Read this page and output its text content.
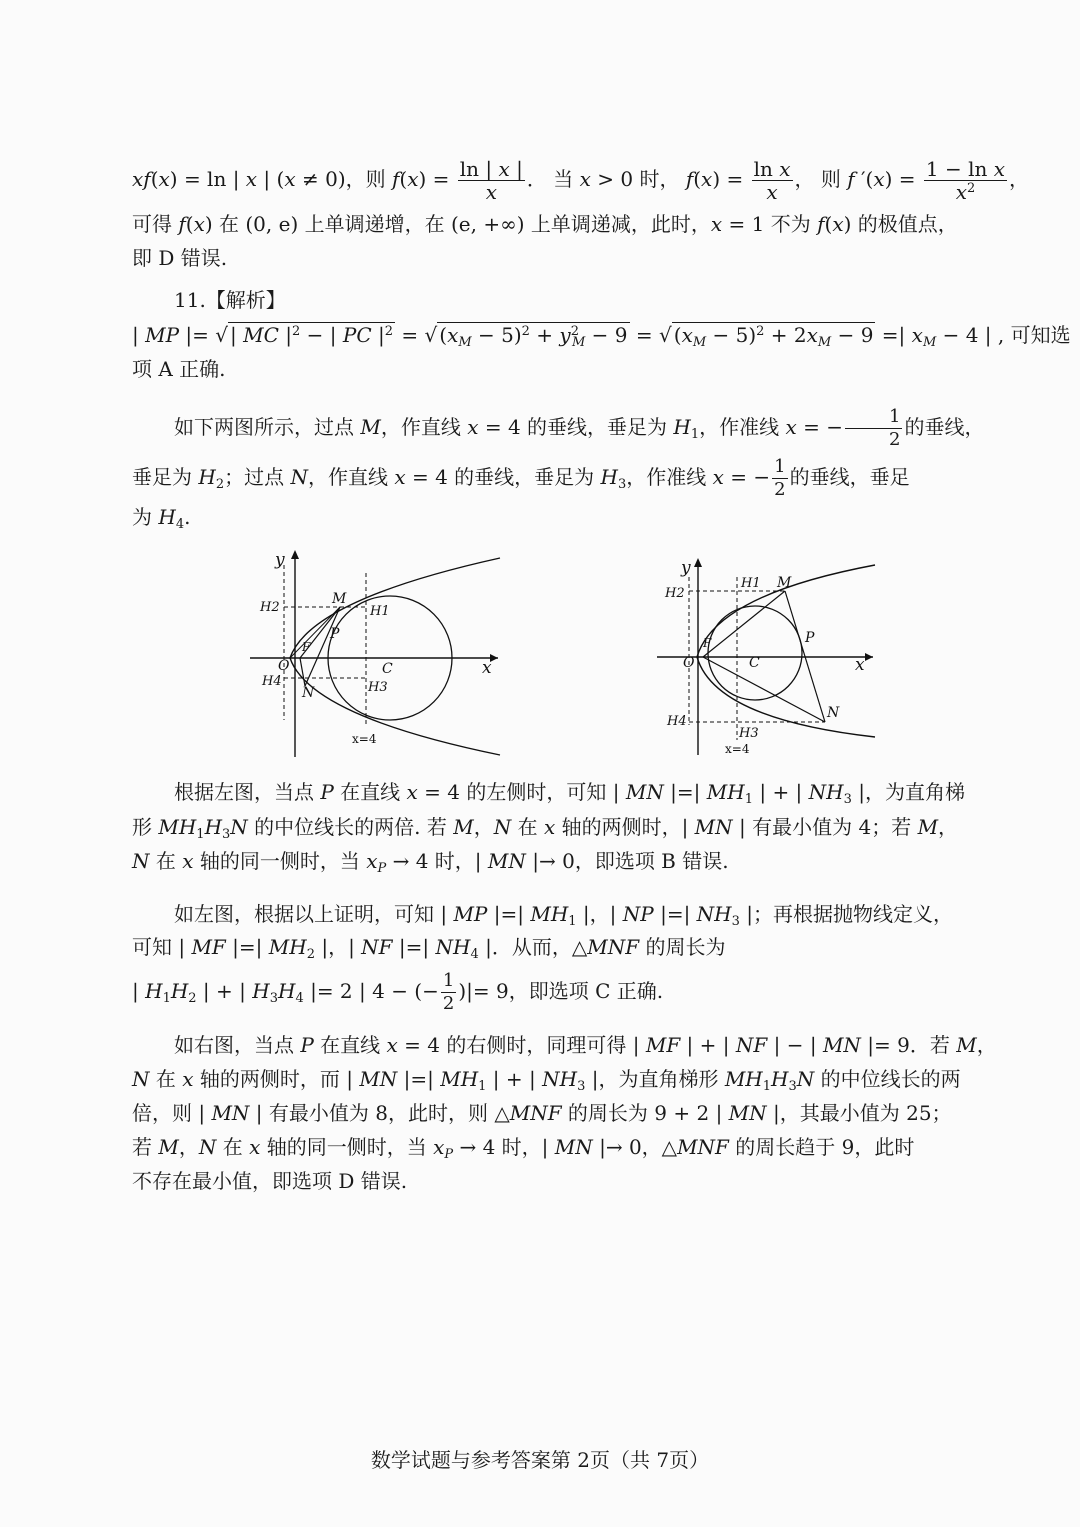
xf(x) = ln | x | (x ≠ 0)，则 $f(x) = \frac{\ln | x |}{x}$ ． 当 x > 0 时， $f(x) = \frac{\text{ln x}}{x}$ ， 则 f $'(x) = \frac{\text{1 − ln x}}{x^2}$ ，
可得 f(x) 在 (0, e) 上单调递增，在 (e, +∞) 上单调递减，此时，x = 1 不为 f(x) 的极值点，
即 D 错误.
11.【解析】
| MP |= √ | MC $|^2$ − | PC $|^2$ = √ $(x_M - 5)^2 + y^2_M - 9$ = √ $(x_M - 5)^2 + 2x_M - 9$ =| $x_M - 4$ | , 可知选
项 A 正确.
如下两图所示，过点 M，作直线 x = 4 的垂线，垂足为 $H_1$，作准线 x = − $\frac{1}{2}$ 的垂线，
垂足为 $H_2$；过点 N，作直线 x = 4 的垂线，垂足为 $H_3$，作准线 x = − $\frac{1}{2}$ 的垂线，垂足
为 $H_4$.
y
x
O
M
N
P
F
C
H1
H2
H3
H4
x=4
y
x
O
M
N
P
F
C
H1
H2
H3
H4
x=4
根据左图，当点 P 在直线 x = 4 的左侧时，可知 | MN |=| $MH_1$ | + | $NH_3$ |，为直角梯
形 $MH_1H_3N$ 的中位线长的两倍. 若 M，N 在 x 轴的两侧时，| MN | 有最小值为 4；若 M，
N 在 x 轴的同一侧时，当 $x_P \to 4$ 时，| MN |→ 0，即选项 B 错误.
如左图，根据以上证明，可知 | MP |=| $MH_1$ |，| NP |=| $NH_3$ |；再根据抛物线定义，
可知 | MF |=| $MH_2$ |，| NF |=| $NH_4$ |．从而，△MNF 的周长为
| $H_1H_2$ | + | $H_3H_4$ |= 2 | 4 − (− $\frac{1}{2}$ )|= 9，即选项 C 正确.
如右图，当点 P 在直线 x = 4 的右侧时，同理可得 | MF | + | NF | − | MN |= 9．若 M，
N 在 x 轴的两侧时，而 | MN |=| $MH_1$ | + | $NH_3$ |，为直角梯形 $MH_1H_3N$ 的中位线长的两
倍，则 | MN | 有最小值为 8，此时，则 △MNF 的周长为 9 + 2 | MN |，其最小值为 25；
若 M，N 在 x 轴的同一侧时，当 $x_P \to 4$ 时，| MN |→ 0，△MNF 的周长趋于 9，此时
不存在最小值，即选项 D 错误.
数学试题与参考答案第 2页（共 7页）
